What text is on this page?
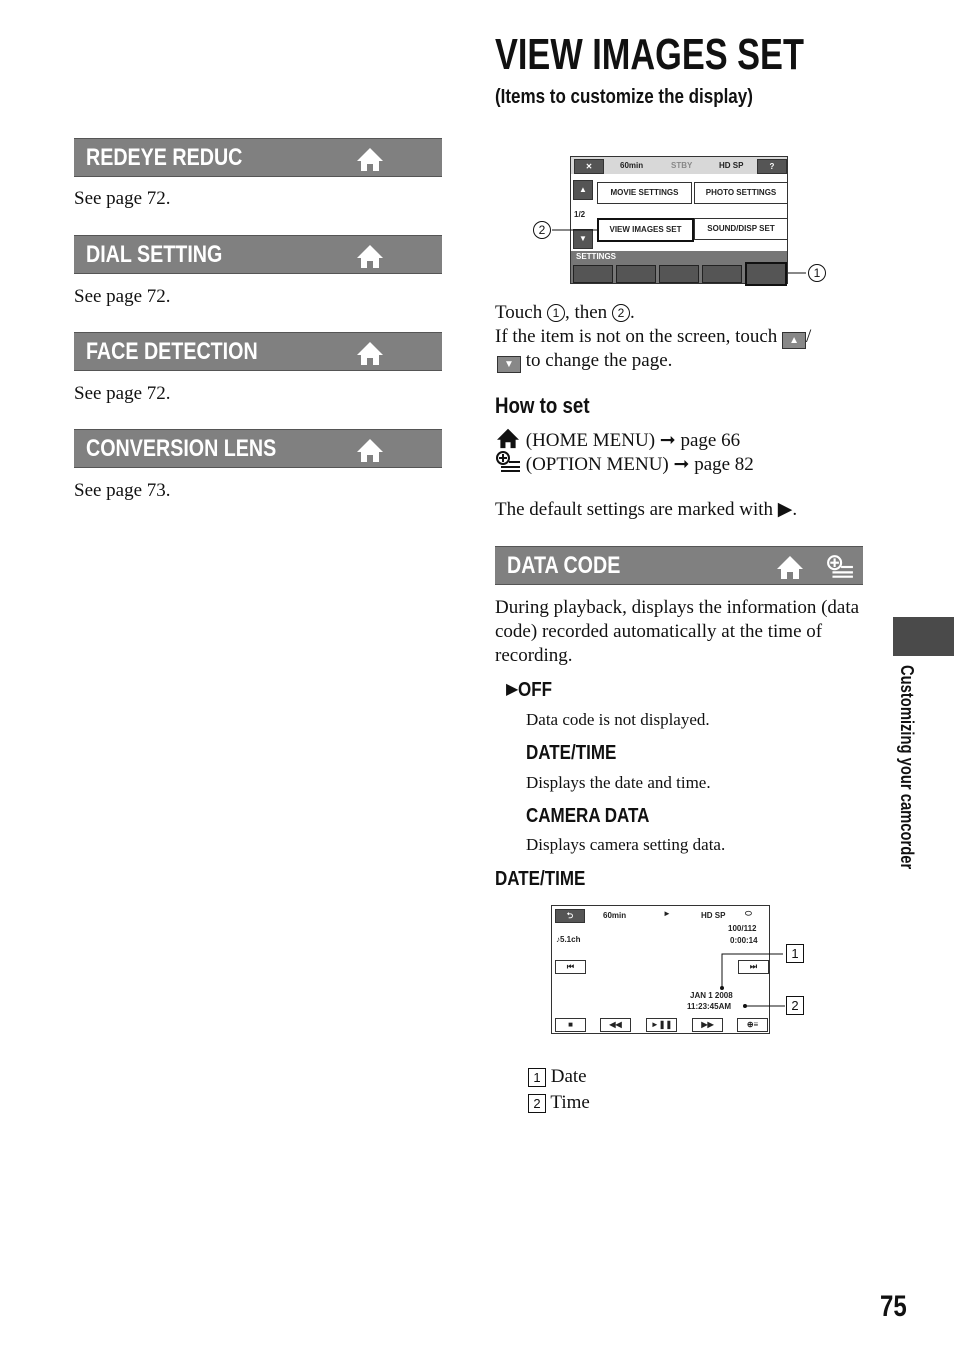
REDEYE REDUC
See page 72.
DIAL SETTING
See page 72.
FACE DETECTION
See page 72.
CONVERSION LENS
See page 73.
VIEW IMAGES SET
(Items to customize the display)
✕	60min	STBY	HD SP	?
▲
1/2
▼
MOVIE SETTINGS	PHOTO SETTINGS
VIEW IMAGES SET	SOUND/DISP SET
SETTINGS
2
1
Touch 1 , then 2 .
If the item is not on the screen, touch ▲ /
▼ to change the page.
How to set
(HOME MENU) ➞ page 66
(OPTION MENU) ➞ page 82
The default settings are marked with ▶.
DATA CODE
During playback, displays the information (data code) recorded automatically at the time of recording.
▶OFF
Data code is not displayed.
DATE/TIME
Displays the date and time.
CAMERA DATA
Displays camera setting data.
DATE/TIME
⮌	60min	►	HD SP ⬭
100/112
0:00:14
♪5.1ch
⏮	⏭
JAN 1 2008
11:23:45AM
■	◀◀	►❚❚	▶▶	⊕≡
1
2
1 Date
2 Time
Customizing your camcorder
75
